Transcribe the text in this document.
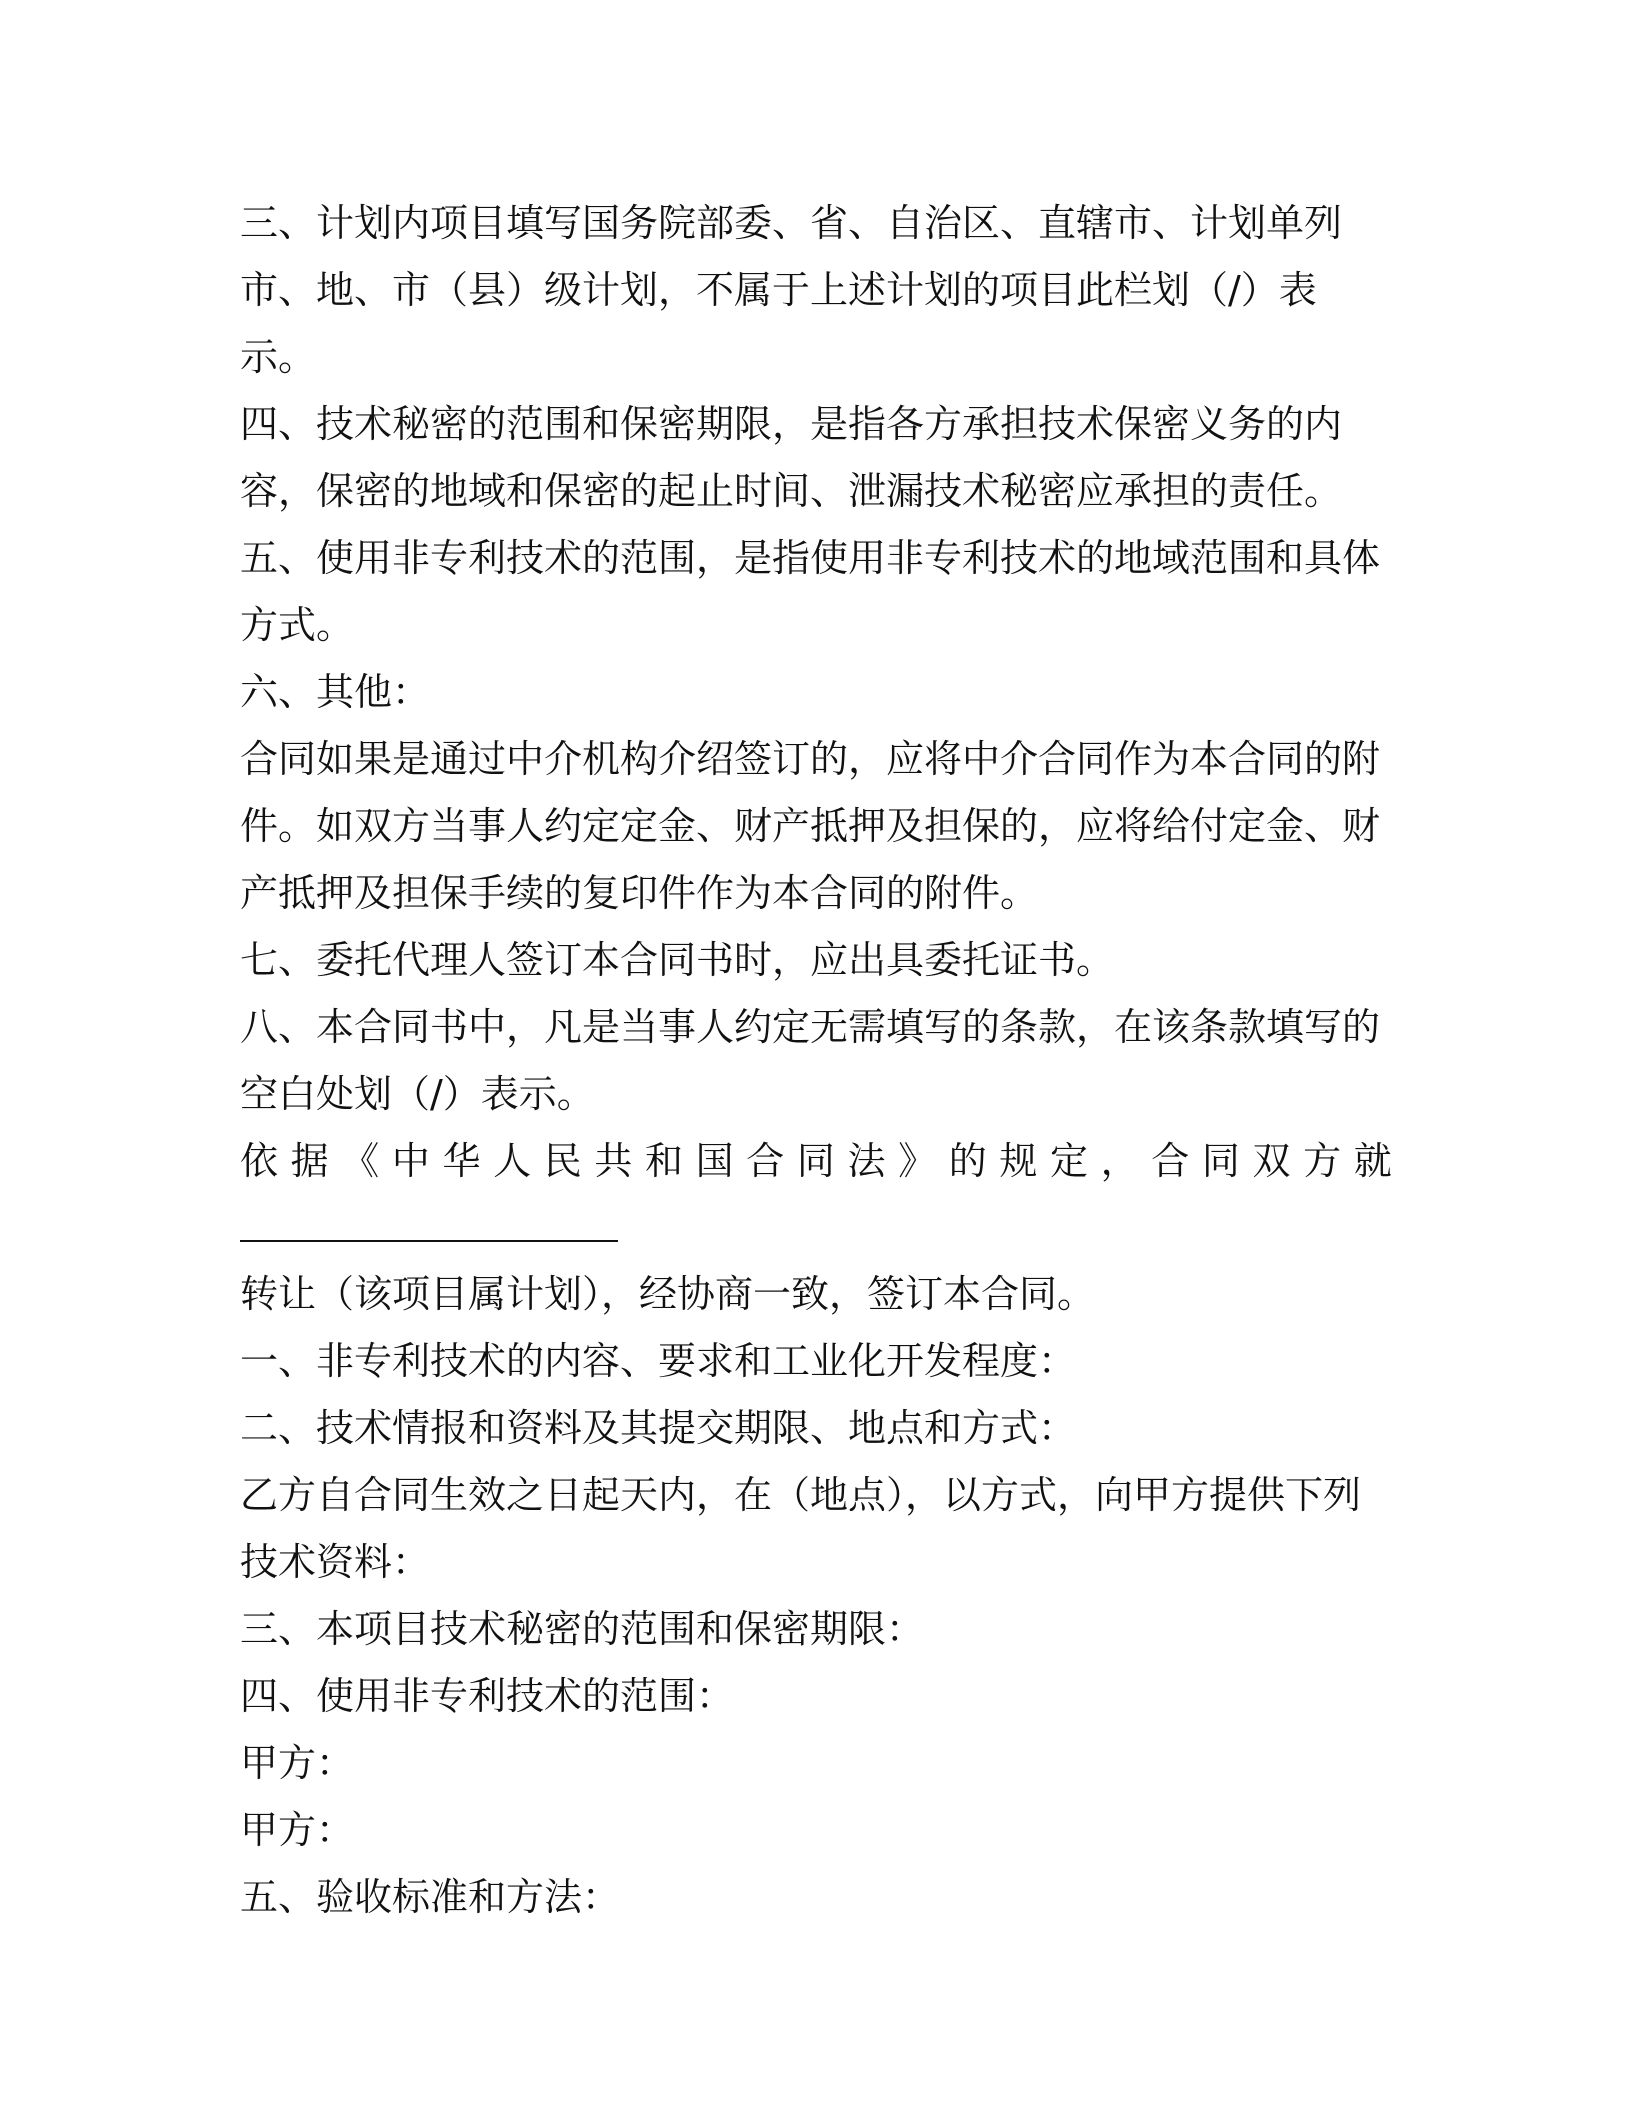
三、计划内项目填写国务院部委、省、自治区、直辖市、计划单列市、地、市（县）级计划，不属于上述计划的项目此栏划（/）表示。

四、技术秘密的范围和保密期限，是指各方承担技术保密义务的内容，保密的地域和保密的起止时间、泄漏技术秘密应承担的责任。

五、使用非专利技术的范围，是指使用非专利技术的地域范围和具体方式。

六、其他：

合同如果是通过中介机构介绍签订的，应将中介合同作为本合同的附件。如双方当事人约定定金、财产抵押及担保的，应将给付定金、财产抵押及担保手续的复印件作为本合同的附件。

七、委托代理人签订本合同书时，应出具委托证书。

八、本合同书中，凡是当事人约定无需填写的条款，在该条款填写的空白处划（/）表示。

依 据 《 中 华 人 民 共 和 国 合 同 法 》 的 规 定 ， 合 同 双 方 就

转让（该项目属计划），经协商一致，签订本合同。

一、非专利技术的内容、要求和工业化开发程度：

二、技术情报和资料及其提交期限、地点和方式：

乙方自合同生效之日起天内，在（地点），以方式，向甲方提供下列技术资料：

三、本项目技术秘密的范围和保密期限：

四、使用非专利技术的范围：

甲方：

甲方：

五、验收标准和方法：
